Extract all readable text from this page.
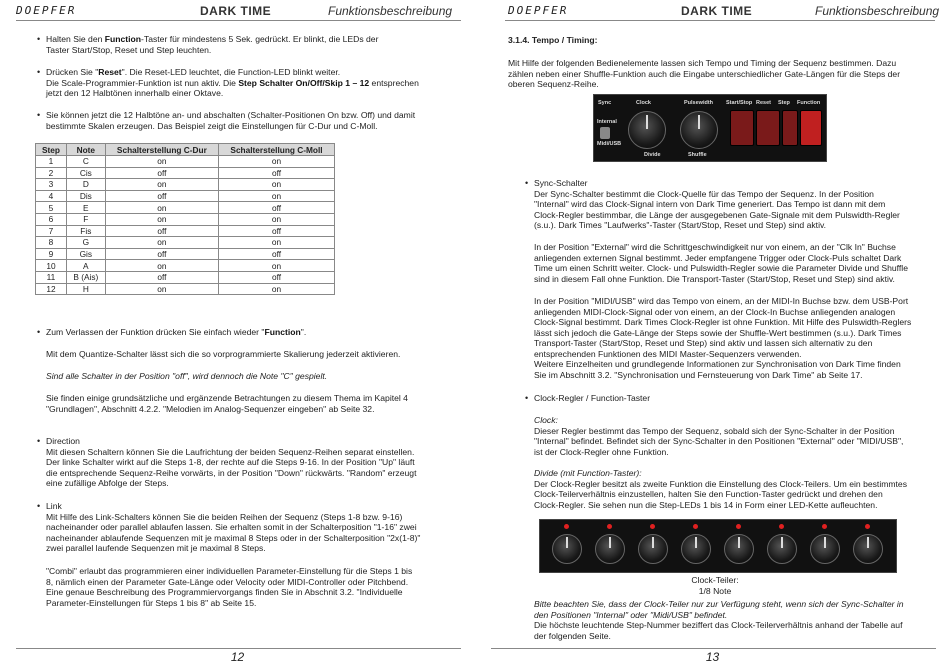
DOEPFER	DARK TIME	Funktionsbeschreibung
• Halten Sie den Function-Taster für mindestens 5 Sek. gedrückt. Er blinkt, die LEDs der
Taster Start/Stop, Reset und Step leuchten.
• Drücken Sie "Reset". Die Reset-LED leuchtet, die Function-LED blinkt weiter.
Die Scale-Programmier-Funktion ist nun aktiv. Die Step Schalter On/Off/Skip 1 – 12 entsprechen
jetzt den 12 Halbtönen innerhalb einer Oktave.
• Sie können jetzt die 12 Halbtöne an- und abschalten (Schalter-Positionen On bzw. Off) und damit
bestimmte Skalen erzeugen. Das Beispiel zeigt die Einstellungen für C-Dur und C-Moll.
Step	Note	Schalterstellung C-Dur	Schalterstellung C-Moll
1	C	on	on
2	Cis	off	off
3	D	on	on
4	Dis	off	on
5	E	on	off
6	F	on	on
7	Fis	off	off
8	G	on	on
9	Gis	off	off
10	A	on	on
11	B (Ais)	off	off
12	H	on	on
• Zum Verlassen der Funktion drücken Sie einfach wieder "Function".
Mit dem Quantize-Schalter lässt sich die so vorprogrammierte Skalierung jederzeit aktivieren.
Sind alle Schalter in der Position "off", wird dennoch die Note "C" gespielt.
Sie finden einige grundsätzliche und ergänzende Betrachtungen zu diesem Thema im Kapitel 4
"Grundlagen", Abschnitt 4.2.2. "Melodien im Analog-Sequenzer eingeben" ab Seite 32.
• Direction
Mit diesen Schaltern können Sie die Laufrichtung der beiden Sequenz-Reihen separat einstellen.
Der linke Schalter wirkt auf die Steps 1-8, der rechte auf die Steps 9-16. In der Position "Up" läuft
die entsprechende Sequenz-Reihe vorwärts, in der Position "Down" rückwärts. "Random" erzeugt
eine zufällige Abfolge der Steps.
• Link
Mit Hilfe des Link-Schalters können Sie die beiden Reihen der Sequenz (Steps 1-8 bzw. 9-16)
nacheinander oder parallel ablaufen lassen. Sie erhalten somit in der Schalterposition "1-16" zwei
nacheinander ablaufende Sequenzen mit je maximal 8 Steps oder in der Schalterposition "2x(1-8)"
zwei parallel laufende Sequenzen mit je maximal 8 Steps.
"Combi" erlaubt das programmieren einer individuellen Parameter-Einstellung für die Steps 1 bis
8, nämlich einen der Parameter Gate-Länge oder Velocity oder MIDI-Controller oder Pitchbend.
Eine genaue Beschreibung des Programmiervorgangs finden Sie in Abschnit 3.2. "Individuelle
Parameter-Einstellungen für Steps 1 bis 8" ab Seite 15.
12
DOEPFER	DARK TIME	Funktionsbeschreibung
3.1.4. Tempo / Timing:
Mit Hilfe der folgenden Bedienelemente lassen sich Tempo und Timing der Sequenz bestimmen. Dazu
zählen neben einer Shuffle-Funktion auch die Eingabe unterschiedlicher Gate-Längen für die Steps der
oberen Sequenz-Reihe.
Sync	Clock	Pulsewidth Start/Stop Reset Step Function
Internal
Midi/USB
Divide	Shuffle
• Sync-Schalter
Der Sync-Schalter bestimmt die Clock-Quelle für das Tempo der Sequenz. In der Position
"Internal" wird das Clock-Signal intern von Dark Time generiert. Das Tempo ist dann mit dem
Clock-Regler bestimmbar, die Länge der ausgegebenen Gate-Signale mit dem Pulswidth-Regler
(s.u.). Dark Times "Laufwerks"-Taster (Start/Stop, Reset und Step) sind aktiv.
In der Position "External" wird die Schrittgeschwindigkeit nur von einem, an der "Clk In" Buchse
anliegenden externen Signal bestimmt. Jeder empfangene Trigger oder Clock-Puls schaltet Dark
Time um einen Schritt weiter. Clock- und Pulswidth-Regler sowie die Parameter Divide und Shuffle
sind in diesem Fall ohne Funktion. Die Transport-Taster (Start/Stop, Reset und Step) sind aktiv.
In der Position "MIDI/USB" wird das Tempo von einem, an der MIDI-In Buchse bzw. dem USB-Port
anliegenden MIDI-Clock-Signal oder von einem, an der Clock-In Buchse anliegenden analogen
Clock-Signal bestimmt. Dark Times Clock-Regler ist ohne Funktion. Mit Hilfe des Pulswidth-Reglers
lässt sich jedoch die Gate-Länge der Steps sowie der Shuffle-Wert bestimmen (s.u.). Dark Times
Transport-Taster (Start/Stop, Reset und Step) sind aktiv und lassen sich alternativ zu den
entsprechenden Funktionen des MIDI Master-Sequenzers verwenden.
Weitere Einzelheiten und grundlegende Informationen zur Synchronisation von Dark Time finden
Sie im Abschnitt 3.2. "Synchronisation und Fernsteuerung von Dark Time" ab Seite 17.
• Clock-Regler / Function-Taster
Clock:
Dieser Regler bestimmt das Tempo der Sequenz, sobald sich der Sync-Schalter in der Position
"Internal" befindet. Befindet sich der Sync-Schalter in den Positionen "External" oder "MIDI/USB",
ist der Clock-Regler ohne Funktion.
Divide (mit Function-Taster):
Der Clock-Regler besitzt als zweite Funktion die Einstellung des Clock-Teilers. Um ein bestimmtes
Clock-Teilerverhältnis einzustellen, halten Sie den Function-Taster gedrückt und drehen den
Clock-Regler. Sie sehen nun die Step-LEDs 1 bis 14 in Form einer LED-Kette aufleuchten.
Clock-Teiler:
1/8 Note
Bitte beachten Sie, dass der Clock-Teiler nur zur Verfügung steht, wenn sich der Sync-Schalter in
den Positionen "Internal" oder "Midi/USB" befindet.
Die höchste leuchtende Step-Nummer beziffert das Clock-Teilerverhältnis anhand der Tabelle auf
der folgenden Seite.
13
